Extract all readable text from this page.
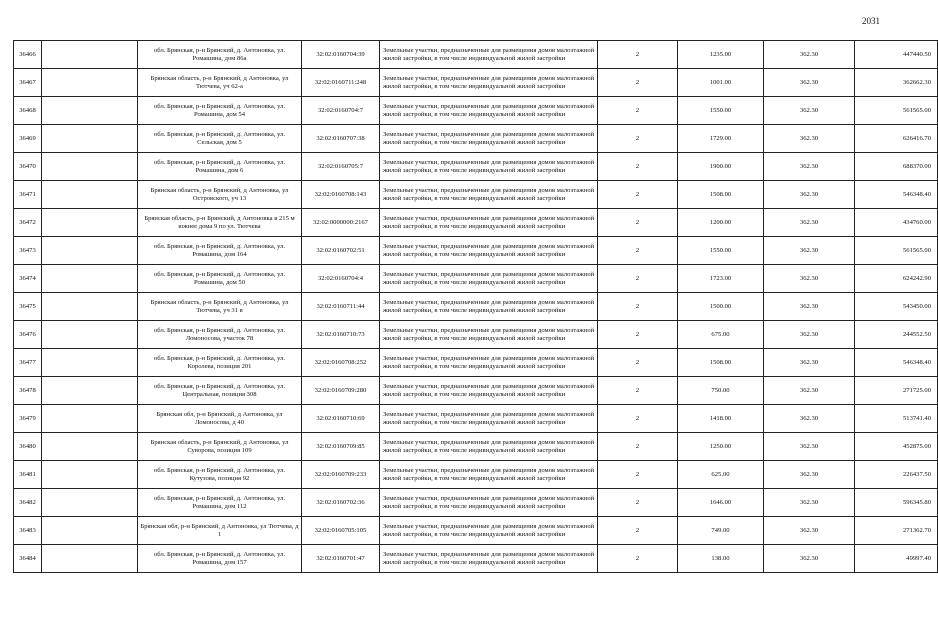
2031
36466		обл. Брянская, р-н Брянский, д. Антоновка, ул. Ромашина, дом 86а	32:02:0160704:39	Земельные участки, предназначенные для размещения домов малоэтажной жилой застройки, в том числе индивидуальной жилой застройки	2	1235.00	362.30	447440.50
36467		Брянская область, р-н Брянский, д Антоновка, ул Тютчева, уч 62-а	32:02:0160711:248	Земельные участки, предназначенные для размещения домов малоэтажной жилой застройки, в том числе индивидуальной жилой застройки	2	1001.00	362.30	362662.30
36468		обл. Брянская, р-н Брянский, д. Антоновка, ул. Ромашина, дом 54	32:02:0160704:7	Земельные участки, предназначенные для размещения домов малоэтажной жилой застройки, в том числе индивидуальной жилой застройки	2	1550.00	362.30	561565.00
36469		обл. Брянская, р-н Брянский, д. Антоновка, ул. Сельская, дом 5	32:02:0160707:38	Земельные участки, предназначенные для размещения домов малоэтажной жилой застройки, в том числе индивидуальной жилой застройки	2	1729.00	362.30	626416.70
36470		обл. Брянская, р-н Брянский, д. Антоновка, ул. Ромашина, дом 6	32:02:0160705:7	Земельные участки, предназначенные для размещения домов малоэтажной жилой застройки, в том числе индивидуальной жилой застройки	2	1900.00	362.30	688370.00
36471		Брянская область, р-н Брянский, д Антоновка, ул Островского, уч 13	32:02:0160708:143	Земельные участки, предназначенные для размещения домов малоэтажной жилой застройки, в том числе индивидуальной жилой застройки	2	1508.00	362.30	546348.40
36472		Брянская область, р-н Брянский, д Антоновка в 215 м южнее дома 9 по ул. Тютчева	32:02:0000000:2167	Земельные участки, предназначенные для размещения домов малоэтажной жилой застройки, в том числе индивидуальной жилой застройки	2	1200.00	362.30	434760.00
36473		обл. Брянская, р-н Брянский, д. Антоновка, ул. Ромашина, дом 164	32:02:0160702:51	Земельные участки, предназначенные для размещения домов малоэтажной жилой застройки, в том числе индивидуальной жилой застройки	2	1550.00	362.30	561565.00
36474		обл. Брянская, р-н Брянский, д. Антоновка, ул. Ромашина, дом 50	32:02:0160704:4	Земельные участки, предназначенные для размещения домов малоэтажной жилой застройки, в том числе индивидуальной жилой застройки	2	1723.00	362.30	624242.90
36475		Брянская область, р-н Брянский, д Антоновка, ул Тютчева, уч 31 в	32:02:0160711:44	Земельные участки, предназначенные для размещения домов малоэтажной жилой застройки, в том числе индивидуальной жилой застройки	2	1500.00	362.30	543450.00
36476		обл. Брянская, р-н Брянский, д. Антоновка, ул. Ломоносова, участок 78	32:02:0160710:73	Земельные участки, предназначенные для размещения домов малоэтажной жилой застройки, в том числе индивидуальной жилой застройки	2	675.00	362.30	244552.50
36477		обл. Брянская, р-н Брянский, д. Антоновка, ул. Королева, позиция 201	32:02:0160708:252	Земельные участки, предназначенные для размещения домов малоэтажной жилой застройки, в том числе индивидуальной жилой застройки	2	1508.00	362.30	546348.40
36478		обл. Брянская, р-н Брянский, д. Антоновка, ул. Центральная, позиция 308	32:02:0160709:280	Земельные участки, предназначенные для размещения домов малоэтажной жилой застройки, в том числе индивидуальной жилой застройки	2	750.00	362.30	271725.00
36479		Брянская обл, р-н Брянский, д Антоновка, ул Ломоносова, д 40	32:02:0160710:69	Земельные участки, предназначенные для размещения домов малоэтажной жилой застройки, в том числе индивидуальной жилой застройки	2	1418.00	362.30	513741.40
36480		Брянская область, р-н Брянский, д Антоновка, ул Суворова, позиция 109	32:02:0160709:85	Земельные участки, предназначенные для размещения домов малоэтажной жилой застройки, в том числе индивидуальной жилой застройки	2	1250.00	362.30	452875.00
36481		обл. Брянская, р-н Брянский, д. Антоновка, ул. Кутузова, позиция 92	32:02:0160709:233	Земельные участки, предназначенные для размещения домов малоэтажной жилой застройки, в том числе индивидуальной жилой застройки	2	625.00	362.30	226437.50
36482		обл. Брянская, р-н Брянский, д. Антоновка, ул. Ромашина, дом 112	32:02:0160702:36	Земельные участки, предназначенные для размещения домов малоэтажной жилой застройки, в том числе индивидуальной жилой застройки	2	1646.00	362.30	596345.80
36483		Брянская обл, р-н Брянский, д Антоновка, ул Тютчева, д 1	32:02:0160705:105	Земельные участки, предназначенные для размещения домов малоэтажной жилой застройки, в том числе индивидуальной жилой застройки	2	749.00	362.30	271362.70
36484		обл. Брянская, р-н Брянский, д. Антоновка, ул. Ромашина, дом 157	32:02:0160701:47	Земельные участки, предназначенные для размещения домов малоэтажной жилой застройки, в том числе индивидуальной жилой застройки	2	138.00	362.30	49997.40
